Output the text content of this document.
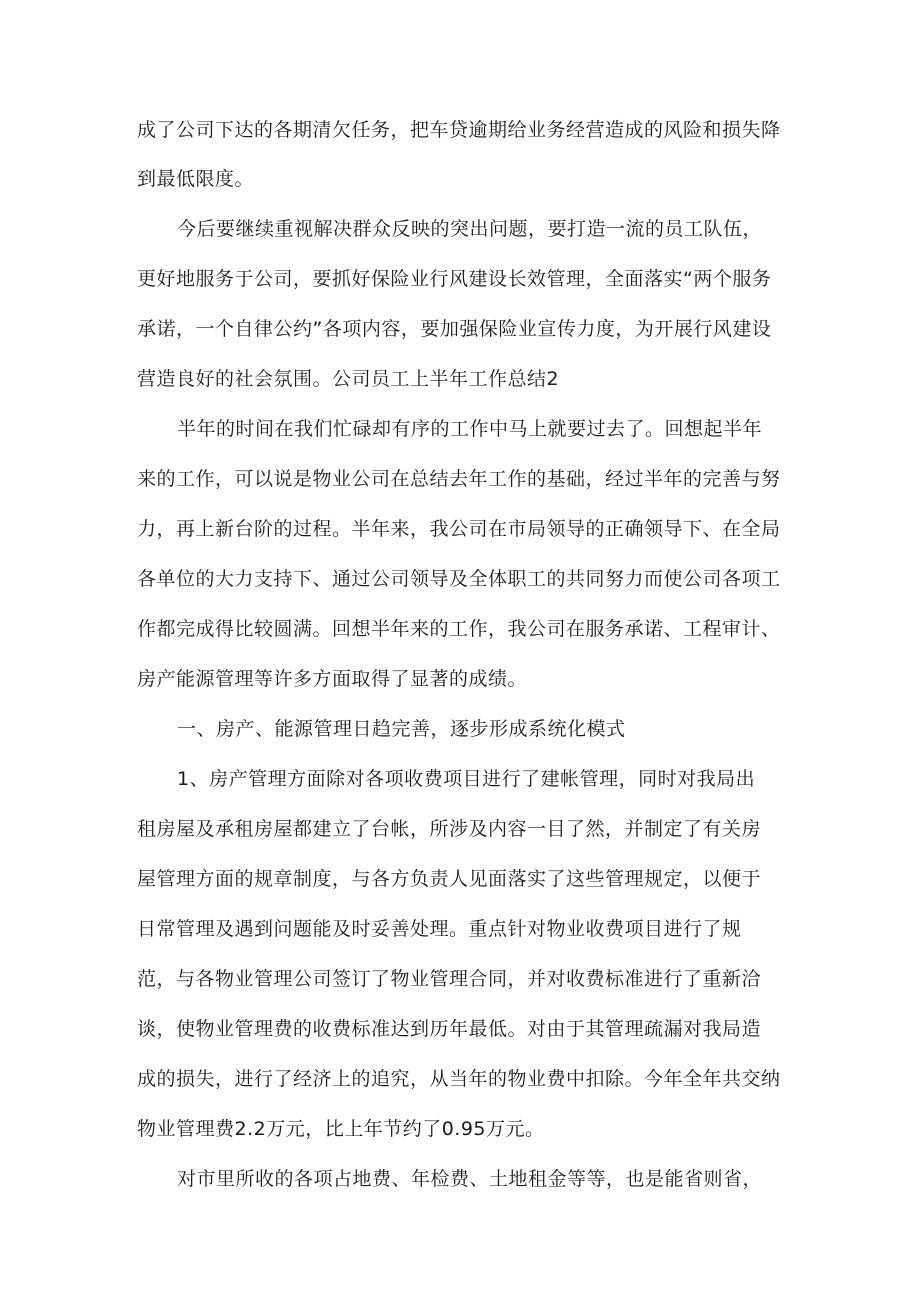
成了公司下达的各期清欠任务，把车贷逾期给业务经营造成的风险和损失降
到最低限度。
今后要继续重视解决群众反映的突出问题，要打造一流的员工队伍，
更好地服务于公司，要抓好保险业行风建设长效管理，全面落实“两个服务
承诺，一个自律公约”各项内容，要加强保险业宣传力度，为开展行风建设
营造良好的社会氛围。公司员工上半年工作总结2
半年的时间在我们忙碌却有序的工作中马上就要过去了。回想起半年
来的工作，可以说是物业公司在总结去年工作的基础，经过半年的完善与努
力，再上新台阶的过程。半年来，我公司在市局领导的正确领导下、在全局
各单位的大力支持下、通过公司领导及全体职工的共同努力而使公司各项工
作都完成得比较圆满。回想半年来的工作，我公司在服务承诺、工程审计、
房产能源管理等许多方面取得了显著的成绩。
一、房产、能源管理日趋完善，逐步形成系统化模式
1、房产管理方面除对各项收费项目进行了建帐管理，同时对我局出
租房屋及承租房屋都建立了台帐，所涉及内容一目了然，并制定了有关房
屋管理方面的规章制度，与各方负责人见面落实了这些管理规定，以便于
日常管理及遇到问题能及时妥善处理。重点针对物业收费项目进行了规
范，与各物业管理公司签订了物业管理合同，并对收费标准进行了重新洽
谈，使物业管理费的收费标准达到历年最低。对由于其管理疏漏对我局造
成的损失，进行了经济上的追究，从当年的物业费中扣除。今年全年共交纳
物业管理费2.2万元，比上年节约了0.95万元。
对市里所收的各项占地费、年检费、土地租金等等，也是能省则省，
